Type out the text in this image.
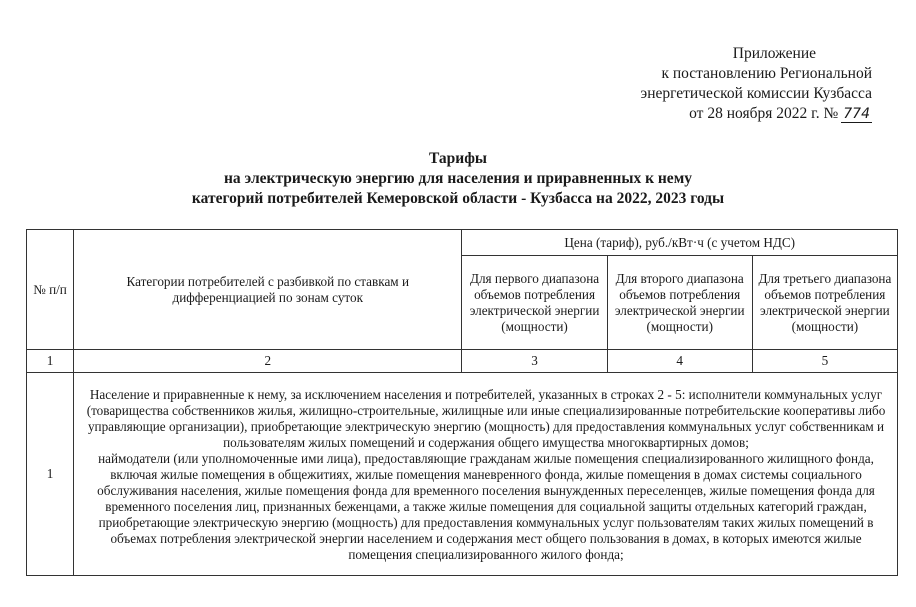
Приложение
к постановлению Региональной
энергетической комиссии Кузбасса
от 28 ноября 2022 г. № 774
Тарифы
на электрическую энергию для населения и приравненных к нему
категорий потребителей Кемеровской области - Кузбасса на 2022, 2023 годы
№ п/п	Категории потребителей с разбивкой по ставкам и дифференциацией по зонам суток	Цена (тариф), руб./кВт·ч (с учетом НДС)		
		Для первого диапазона объемов потребления электрической энергии (мощности)	Для второго диапазона объемов потребления электрической энергии (мощности)	Для третьего диапазона объемов потребления электрической энергии (мощности)
1	2	3	4	5
1	Население и приравненные к нему, за исключением населения и потребителей, указанных в строках 2 - 5: исполнители коммунальных услуг (товарищества собственников жилья, жилищно-строительные, жилищные или иные специализированные потребительские кооперативы либо управляющие организации), приобретающие электрическую энергию (мощность) для предоставления коммунальных услуг собственникам и пользователям жилых помещений и содержания общего имущества многоквартирных домов;
наймодатели (или уполномоченные ими лица), предоставляющие гражданам жилые помещения специализированного жилищного фонда, включая жилые помещения в общежитиях, жилые помещения маневренного фонда, жилые помещения в домах системы социального обслуживания населения, жилые помещения фонда для временного поселения вынужденных переселенцев, жилые помещения фонда для временного поселения лиц, признанных беженцами, а также жилые помещения для социальной защиты отдельных категорий граждан, приобретающие электрическую энергию (мощность) для предоставления коммунальных услуг пользователям таких жилых помещений в объемах потребления электрической энергии населением и содержания мест общего пользования в домах, в которых имеются жилые помещения специализированного жилого фонда;			
